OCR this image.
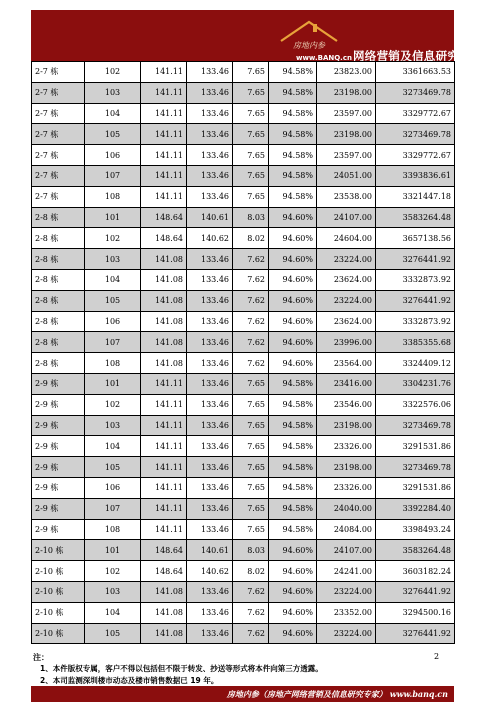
房地内参
www.BANQ.cn 网络营销及信息研究专家
2-7 栋	102	141.11	133.46	7.65	94.58%	23823.00	3361663.53
2-7 栋	103	141.11	133.46	7.65	94.58%	23198.00	3273469.78
2-7 栋	104	141.11	133.46	7.65	94.58%	23597.00	3329772.67
2-7 栋	105	141.11	133.46	7.65	94.58%	23198.00	3273469.78
2-7 栋	106	141.11	133.46	7.65	94.58%	23597.00	3329772.67
2-7 栋	107	141.11	133.46	7.65	94.58%	24051.00	3393836.61
2-7 栋	108	141.11	133.46	7.65	94.58%	23538.00	3321447.18
2-8 栋	101	148.64	140.61	8.03	94.60%	24107.00	3583264.48
2-8 栋	102	148.64	140.62	8.02	94.60%	24604.00	3657138.56
2-8 栋	103	141.08	133.46	7.62	94.60%	23224.00	3276441.92
2-8 栋	104	141.08	133.46	7.62	94.60%	23624.00	3332873.92
2-8 栋	105	141.08	133.46	7.62	94.60%	23224.00	3276441.92
2-8 栋	106	141.08	133.46	7.62	94.60%	23624.00	3332873.92
2-8 栋	107	141.08	133.46	7.62	94.60%	23996.00	3385355.68
2-8 栋	108	141.08	133.46	7.62	94.60%	23564.00	3324409.12
2-9 栋	101	141.11	133.46	7.65	94.58%	23416.00	3304231.76
2-9 栋	102	141.11	133.46	7.65	94.58%	23546.00	3322576.06
2-9 栋	103	141.11	133.46	7.65	94.58%	23198.00	3273469.78
2-9 栋	104	141.11	133.46	7.65	94.58%	23326.00	3291531.86
2-9 栋	105	141.11	133.46	7.65	94.58%	23198.00	3273469.78
2-9 栋	106	141.11	133.46	7.65	94.58%	23326.00	3291531.86
2-9 栋	107	141.11	133.46	7.65	94.58%	24040.00	3392284.40
2-9 栋	108	141.11	133.46	7.65	94.58%	24084.00	3398493.24
2-10 栋	101	148.64	140.61	8.03	94.60%	24107.00	3583264.48
2-10 栋	102	148.64	140.62	8.02	94.60%	24241.00	3603182.24
2-10 栋	103	141.08	133.46	7.62	94.60%	23224.00	3276441.92
2-10 栋	104	141.08	133.46	7.62	94.60%	23352.00	3294500.16
2-10 栋	105	141.08	133.46	7.62	94.60%	23224.00	3276441.92
注：
1、本件版权专属，客户不得以包括但不限于转发、抄送等形式将本件向第三方透露。
2、本司监测深圳楼市动态及楼市销售数据已 19 年。
2
房地内参（房地产网络营销及信息研究专家） www.banq.cn
